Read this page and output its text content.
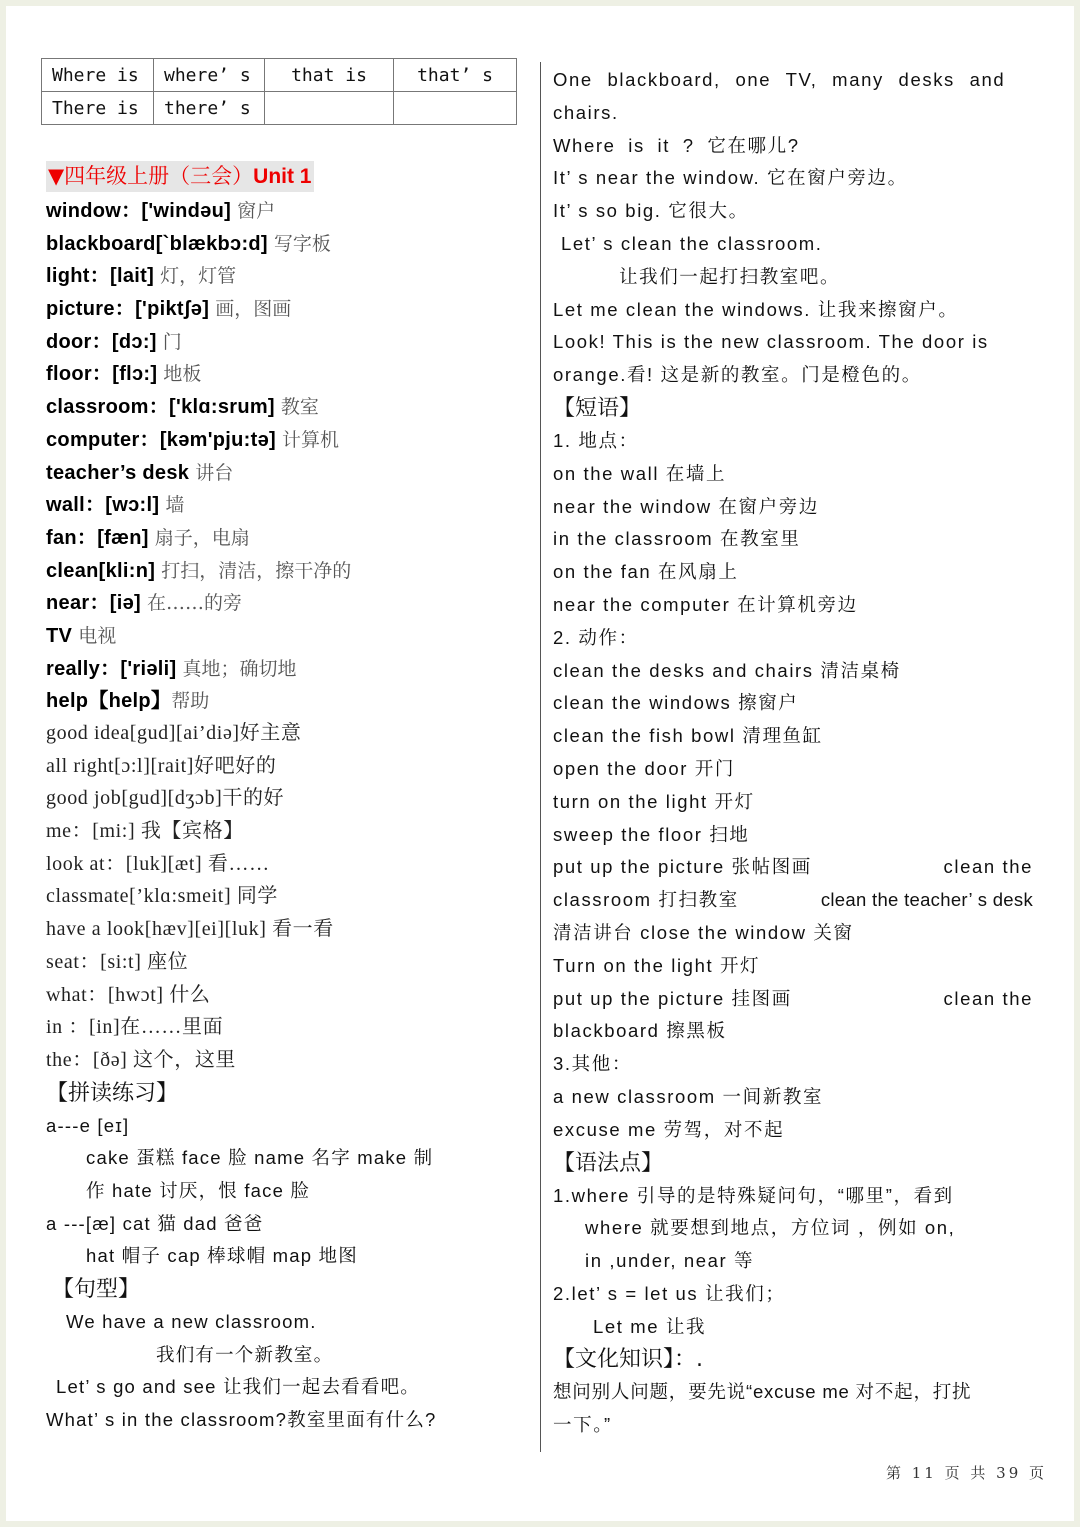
Where is	where’ s	that is	that’ s
There is	there’ s		
▼四年级上册（三会）Unit 1
window：['windəu] 窗户
blackboard[`blækbɔ:d] 写字板
light：[lait] 灯，灯管
picture：['piktʃə] 画，图画
door：[dɔ:] 门
floor：[flɔ:] 地板
classroom：['klɑ:srum] 教室
computer：[kəm'pju:tə] 计算机
teacher’s desk 讲台
wall：[wɔ:l] 墙
fan：[fæn] 扇子，电扇
clean[kli:n] 打扫，清洁，擦干净的
near：[iə] 在……的旁
TV 电视
really：['riəli] 真地；确切地
help【help】帮助
good idea[gud][ai’diə]好主意
all right[ɔ:l][rait]好吧好的
good job[gud][dʒɔb]干的好
me：[mi:] 我【宾格】
look at：[luk][æt] 看……
classmate[’klɑ:smeit] 同学
have a look[hæv][ei][luk] 看一看
seat：[si:t] 座位
what：[hwɔt] 什么
in ：[in]在……里面
the：[ðə] 这个，这里
【拼读练习】
a---e [eɪ]
cake 蛋糕 face 脸 name 名字 make 制
作 hate 讨厌，恨 face 脸
a ---[æ] cat 猫 dad 爸爸
hat 帽子 cap 棒球帽 map 地图
【句型】
We have a new classroom.
我们有一个新教室。
Let’ s go and see 让我们一起去看看吧。
What’ s in the classroom?教室里面有什么?
One blackboard, one TV, many desks and
chairs.
Where is it ? 它在哪儿?
It’ s near the window. 它在窗户旁边。
It’ s so big. 它很大。
Let’ s clean the classroom.
让我们一起打扫教室吧。
Let me clean the windows. 让我来擦窗户。
Look! This is the new classroom. The door is
orange.看! 这是新的教室。门是橙色的。
【短语】
1. 地点：
on the wall 在墙上
near the window 在窗户旁边
in the classroom 在教室里
on the fan 在风扇上
near the computer 在计算机旁边
2. 动作：
clean the desks and chairs 清洁桌椅
clean the windows 擦窗户
clean the fish bowl 清理鱼缸
open the door 开门
turn on the light 开灯
sweep the floor 扫地
put up the picture 张帖图画	clean the
classroom 打扫教室	clean the teacher’ s desk
清洁讲台 close the window 关窗
Turn on the light 开灯
put up the picture 挂图画	clean the
blackboard 擦黑板
3.其他：
a new classroom 一间新教室
excuse me 劳驾，对不起
【语法点】
1.where 引导的是特殊疑问句，“哪里”，看到
where 就要想到地点，方位词 ，例如 on,
in ,under, near 等
2.let’ s = let us 让我们；
Let me 让我
【文化知识】：.
想问别人问题，要先说“excuse me 对不起，打扰
一下。”
第 11 页 共 39 页
